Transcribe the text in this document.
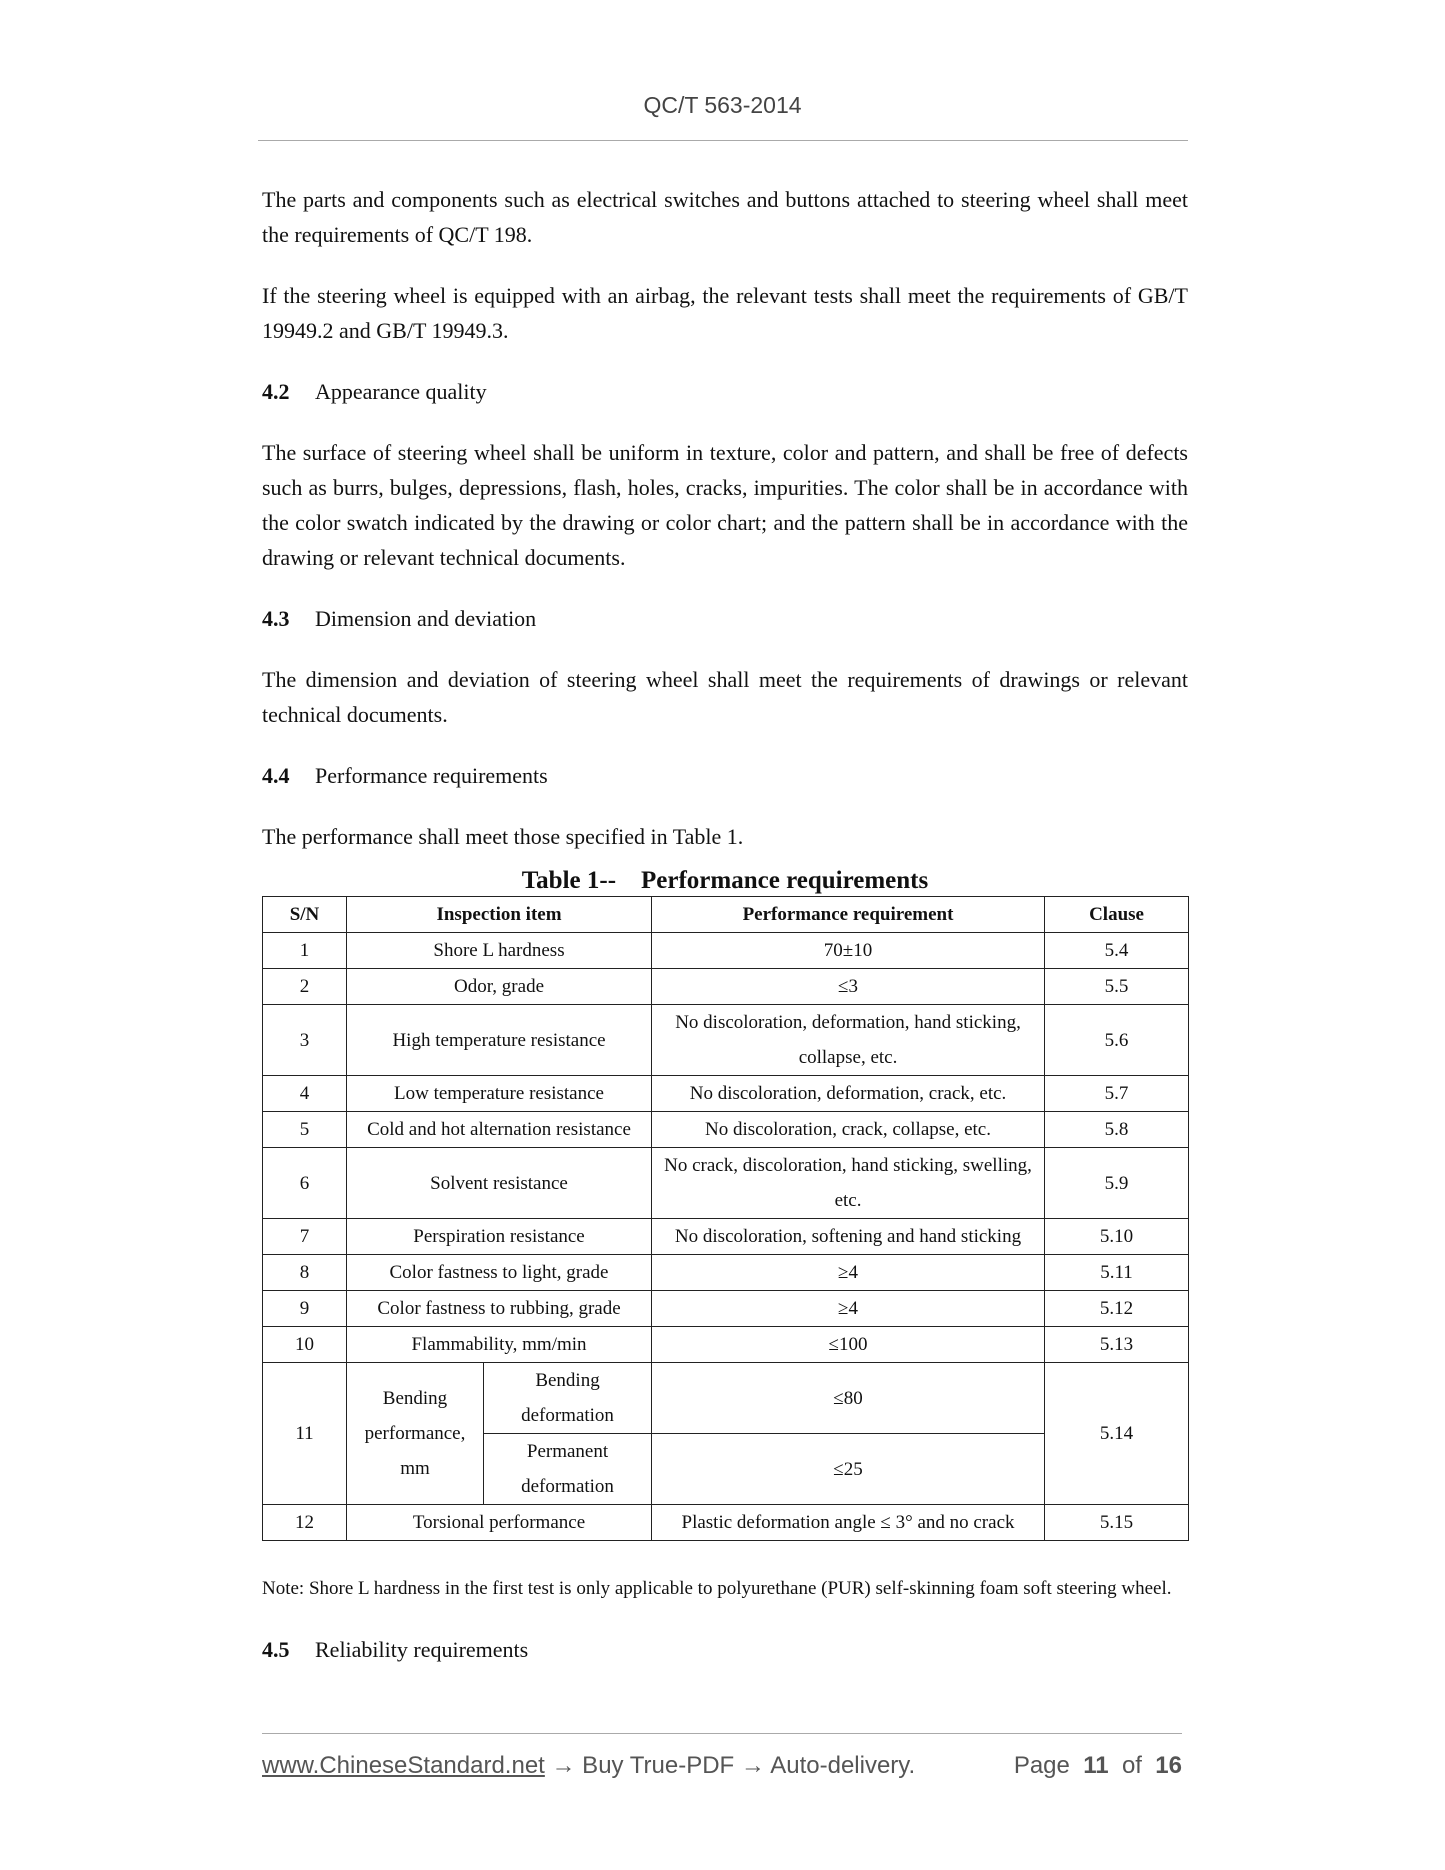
QC/T 563-2014

The parts and components such as electrical switches and buttons attached to steering wheel shall meet the requirements of QC/T 198.

If the steering wheel is equipped with an airbag, the relevant tests shall meet the requirements of GB/T 19949.2 and GB/T 19949.3.

4.2 Appearance quality

The surface of steering wheel shall be uniform in texture, color and pattern, and shall be free of defects such as burrs, bulges, depressions, flash, holes, cracks, impurities. The color shall be in accordance with the color swatch indicated by the drawing or color chart; and the pattern shall be in accordance with the drawing or relevant technical documents.

4.3 Dimension and deviation

The dimension and deviation of steering wheel shall meet the requirements of drawings or relevant technical documents.

4.4 Performance requirements

The performance shall meet those specified in Table 1.

Table 1--    Performance requirements
S/N	Inspection item		Performance requirement	Clause
1	Shore L hardness		70±10	5.4
2	Odor, grade		≤3	5.5
3	High temperature resistance		No discoloration, deformation, hand sticking, collapse, etc.	5.6
4	Low temperature resistance		No discoloration, deformation, crack, etc.	5.7
5	Cold and hot alternation resistance		No discoloration, crack, collapse, etc.	5.8
6	Solvent resistance		No crack, discoloration, hand sticking, swelling, etc.	5.9
7	Perspiration resistance		No discoloration, softening and hand sticking	5.10
8	Color fastness to light, grade		≥4	5.11
9	Color fastness to rubbing, grade		≥4	5.12
10	Flammability, mm/min		≤100	5.13
11	Bending performance, mm	Bending deformation	≤80	5.14
		Permanent deformation	≤25	
12	Torsional performance		Plastic deformation angle ≤ 3° and no crack	5.15

Note: Shore L hardness in the first test is only applicable to polyurethane (PUR) self-skinning foam soft steering wheel.

4.5 Reliability requirements
www.ChineseStandard.net → Buy True-PDF → Auto-delivery.	Page 11 of 16
